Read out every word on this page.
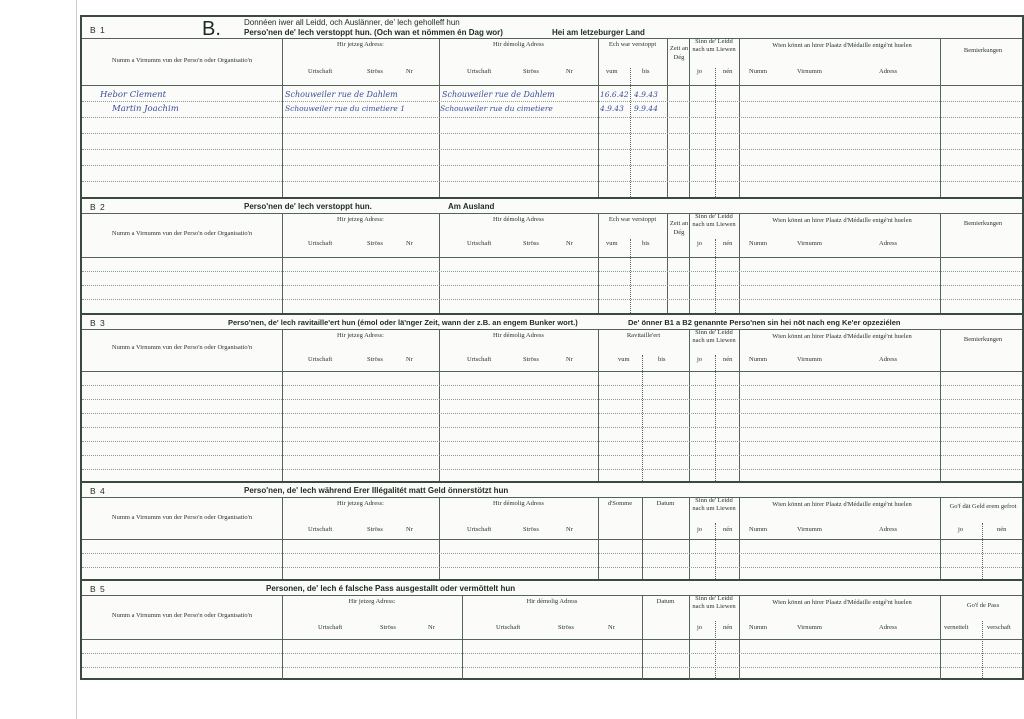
B 1	B.	Donnéen iwer all Leidd, och Auslänner, de' lech geholleff hun
Perso'nen de' lech verstoppt hun. (Och wan et nömmen én Dag wor)	Hei am letzeburger Land
Numm a Virnumm vun der Perso'n oder Organisatio'n
Hir jetzeg Adress:
Urtschaft	Ströss	Nr
Hir démolig Adress
Urtschaft	Ströss	Nr
Ech war verstoppt
vum	bis
Zeit an Dég
Sinn de' Leidd nach um Liewen
jo	nén
Wien könnt an hirer Plaatz d'Médaille entgé'nt huelen
Numm	Virnumm	Adress
Bemierkungen
Hebor Clement	Schouweiler rue de Dahlem	Schouweiler rue de Dahlem	16.6.42 4.9.43
Martin Joachim	Schouweiler rue du cimetiere 1	Schouweiler rue du cimetiere	4.9.43 9.9.44
B 2	Perso'nen de' lech verstoppt hun.	Am Ausland
Numm a Virnumm vun der Perso'n oder Organisatio'n
Hir jetzeg Adress:
Urtschaft	Ströss	Nr
Hir démolig Adress
Urtschaft	Ströss	Nr
Ech war verstoppt
vum	bis
Zeit an Dég
Sinn de' Leidd nach um Liewen
jo	nén
Wien könnt an hirer Plaatz d'Médaille entgé'nt huelen
Numm	Virnumm	Adress
Bemierkungen
B 3	Perso'nen, de' lech ravitaille'ert hun (émol oder lä'nger Zeit, wann der z.B. an engem Bunker wort.)	De' önner B1 a B2 genannte Perso'nen sin hei nöt nach eng Ke'er opzeziélen
Numm a Virnumm vun der Perso'n oder Organisatio'n
Hir jetzeg Adress:
Urtschaft	Ströss	Nr
Hir démolig Adress
Urtschaft	Ströss	Nr
Ravitaille'ert
vum	bis
Sinn de' Leidd nach um Liewen
jo	nén
Wien könnt an hirer Plaatz d'Médaille entgé'nt huelen
Numm	Virnumm	Adress
Bemierkungen
B 4	Perso'nen, de' lech während Erer Illégalitét matt Geld önnerstötzt hun
Numm a Virnumm vun der Perso'n oder Organisatio'n
Hir jetzeg Adress:
Urtschaft	Ströss	Nr
Hir démolig Adress
Urtschaft	Ströss	Nr
d'Somme	Datum	Sinn de' Leidd nach um Liewen
jo	nén
Wien könnt an hirer Plaatz d'Médaille entgé'nt huelen
Numm	Virnumm	Adress
Go'f dät Geld erem gefrot
jo	nén
B 5	Personen, de' lech é falsche Pass ausgestallt oder vermöttelt hun
Numm a Virnumm vun der Perso'n oder Organisatio'n
Hir jetzeg Adress:
Urtschaft	Ströss	Nr
Hir démolig Adress
Urtschaft	Ströss	Nr
Datum	Sinn de' Leidd nach um Liewen
jo	nén
Wien könnt an hirer Plaatz d'Médaille entgé'nt huelen
Numm	Virnumm	Adress
Go'f de Pass
vernettelt	verschaft
